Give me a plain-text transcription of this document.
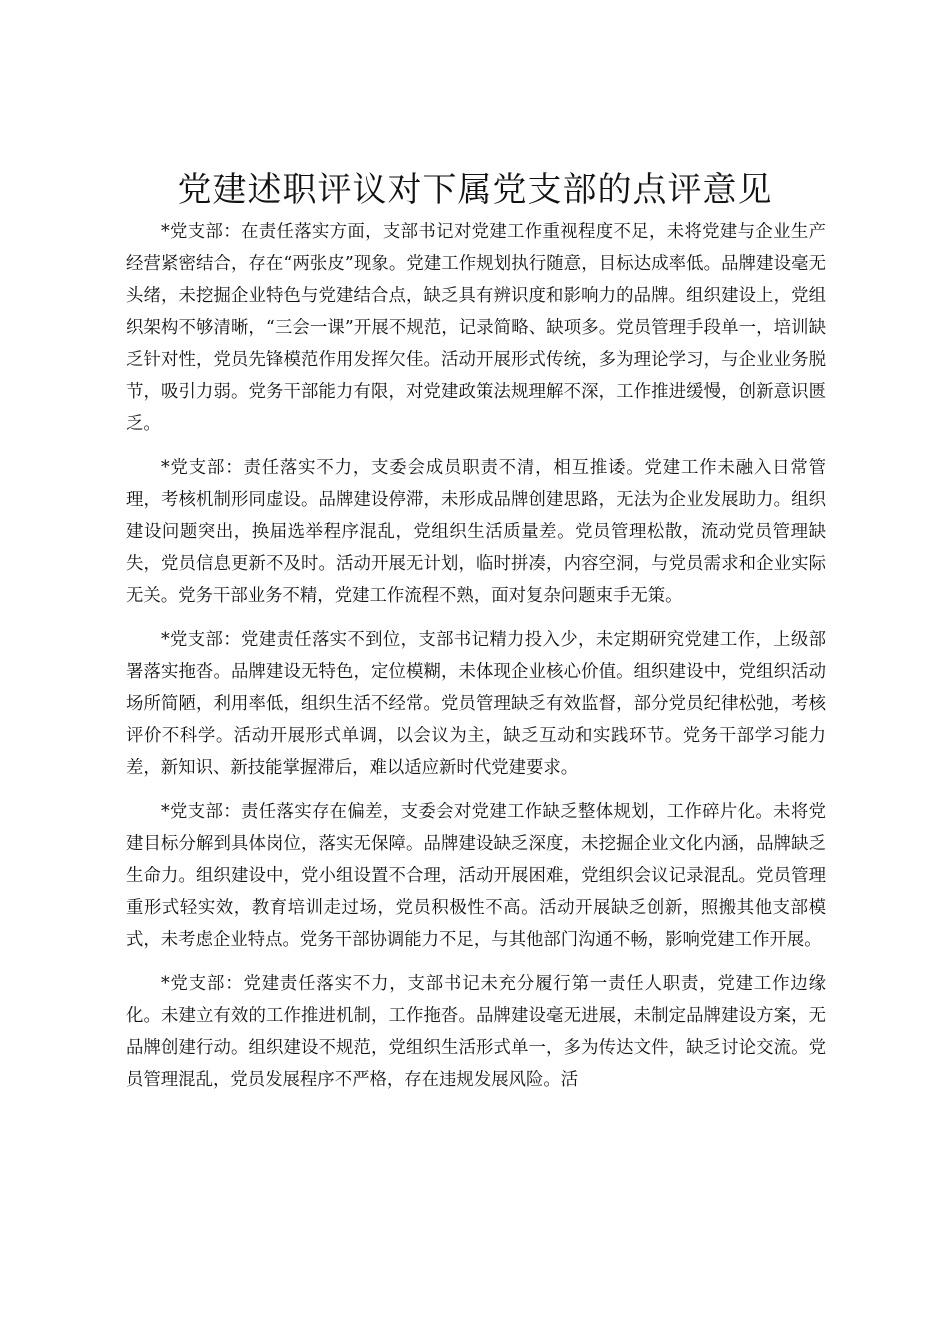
党建述职评议对下属党支部的点评意见

*党支部：在责任落实方面，支部书记对党建工作重视程度不足，未将党建与企业生产经营紧密结合，存在“两张皮”现象。党建工作规划执行随意，目标达成率低。品牌建设毫无头绪，未挖掘企业特色与党建结合点，缺乏具有辨识度和影响力的品牌。组织建设上，党组织架构不够清晰，“三会一课”开展不规范，记录简略、缺项多。党员管理手段单一，培训缺乏针对性，党员先锋模范作用发挥欠佳。活动开展形式传统，多为理论学习，与企业业务脱节，吸引力弱。党务干部能力有限，对党建政策法规理解不深，工作推进缓慢，创新意识匮乏。

*党支部：责任落实不力，支委会成员职责不清，相互推诿。党建工作未融入日常管理，考核机制形同虚设。品牌建设停滞，未形成品牌创建思路，无法为企业发展助力。组织建设问题突出，换届选举程序混乱，党组织生活质量差。党员管理松散，流动党员管理缺失，党员信息更新不及时。活动开展无计划，临时拼凑，内容空洞，与党员需求和企业实际无关。党务干部业务不精，党建工作流程不熟，面对复杂问题束手无策。

*党支部：党建责任落实不到位，支部书记精力投入少，未定期研究党建工作，上级部署落实拖沓。品牌建设无特色，定位模糊，未体现企业核心价值。组织建设中，党组织活动场所简陋，利用率低，组织生活不经常。党员管理缺乏有效监督，部分党员纪律松弛，考核评价不科学。活动开展形式单调，以会议为主，缺乏互动和实践环节。党务干部学习能力差，新知识、新技能掌握滞后，难以适应新时代党建要求。

*党支部：责任落实存在偏差，支委会对党建工作缺乏整体规划，工作碎片化。未将党建目标分解到具体岗位，落实无保障。品牌建设缺乏深度，未挖掘企业文化内涵，品牌缺乏生命力。组织建设中，党小组设置不合理，活动开展困难，党组织会议记录混乱。党员管理重形式轻实效，教育培训走过场，党员积极性不高。活动开展缺乏创新，照搬其他支部模式，未考虑企业特点。党务干部协调能力不足，与其他部门沟通不畅，影响党建工作开展。

*党支部：党建责任落实不力，支部书记未充分履行第一责任人职责，党建工作边缘化。未建立有效的工作推进机制，工作拖沓。品牌建设毫无进展，未制定品牌建设方案，无品牌创建行动。组织建设不规范，党组织生活形式单一，多为传达文件，缺乏讨论交流。党员管理混乱，党员发展程序不严格，存在违规发展风险。活
